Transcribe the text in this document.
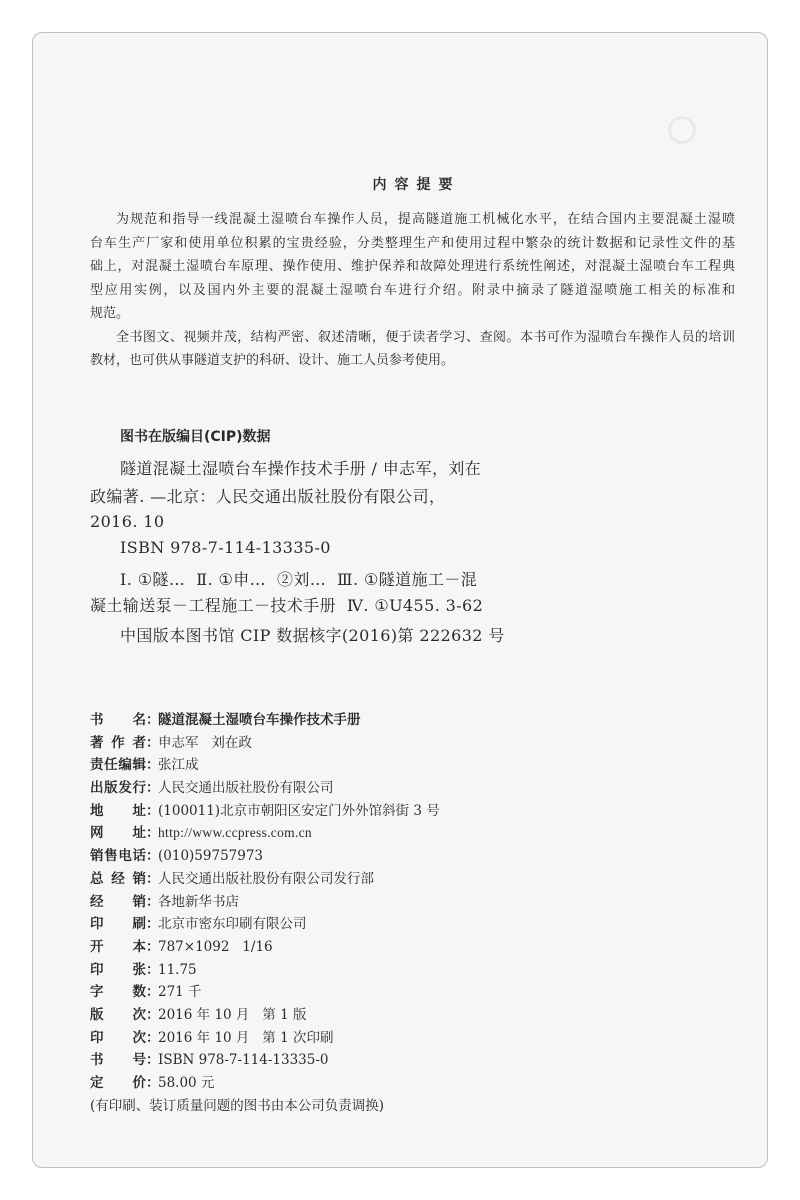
内容提要
为规范和指导一线混凝土湿喷台车操作人员，提高隧道施工机械化水平，在结合国内主要混凝土湿喷
台车生产厂家和使用单位积累的宝贵经验，分类整理生产和使用过程中繁杂的统计数据和记录性文件的基
础上，对混凝土湿喷台车原理、操作使用、维护保养和故障处理进行系统性阐述，对混凝土湿喷台车工程典
型应用实例，以及国内外主要的混凝土湿喷台车进行介绍。附录中摘录了隧道湿喷施工相关的标准和
规范。
全书图文、视频并茂，结构严密、叙述清晰，便于读者学习、查阅。本书可作为湿喷台车操作人员的培训
教材，也可供从事隧道支护的科研、设计、施工人员参考使用。
图书在版编目(CIP)数据
隧道混凝土湿喷台车操作技术手册 / 申志军，刘在
政编著. —北京：人民交通出版社股份有限公司，
2016. 10
ISBN 978-7-114-13335-0
Ⅰ. ①隧…  Ⅱ. ①申…  ②刘…  Ⅲ. ①隧道施工－混
凝土输送泵－工程施工－技术手册  Ⅳ. ①U455. 3-62
中国版本图书馆 CIP 数据核字(2016)第 222632 号
书名：隧道混凝土湿喷台车操作技术手册
著作者：申志军   刘在政
责任编辑：张江成
出版发行：人民交通出版社股份有限公司
地址：(100011)北京市朝阳区安定门外外馆斜街 3 号
网址：http://www.ccpress.com.cn
销售电话：(010)59757973
总经销：人民交通出版社股份有限公司发行部
经销：各地新华书店
印刷：北京市密东印刷有限公司
开本：787×1092   1/16
印张：11.75
字数：271 千
版次：2016 年 10 月   第 1 版
印次：2016 年 10 月   第 1 次印刷
书号：ISBN 978-7-114-13335-0
定价：58.00 元
(有印刷、装订质量问题的图书由本公司负责调换)
